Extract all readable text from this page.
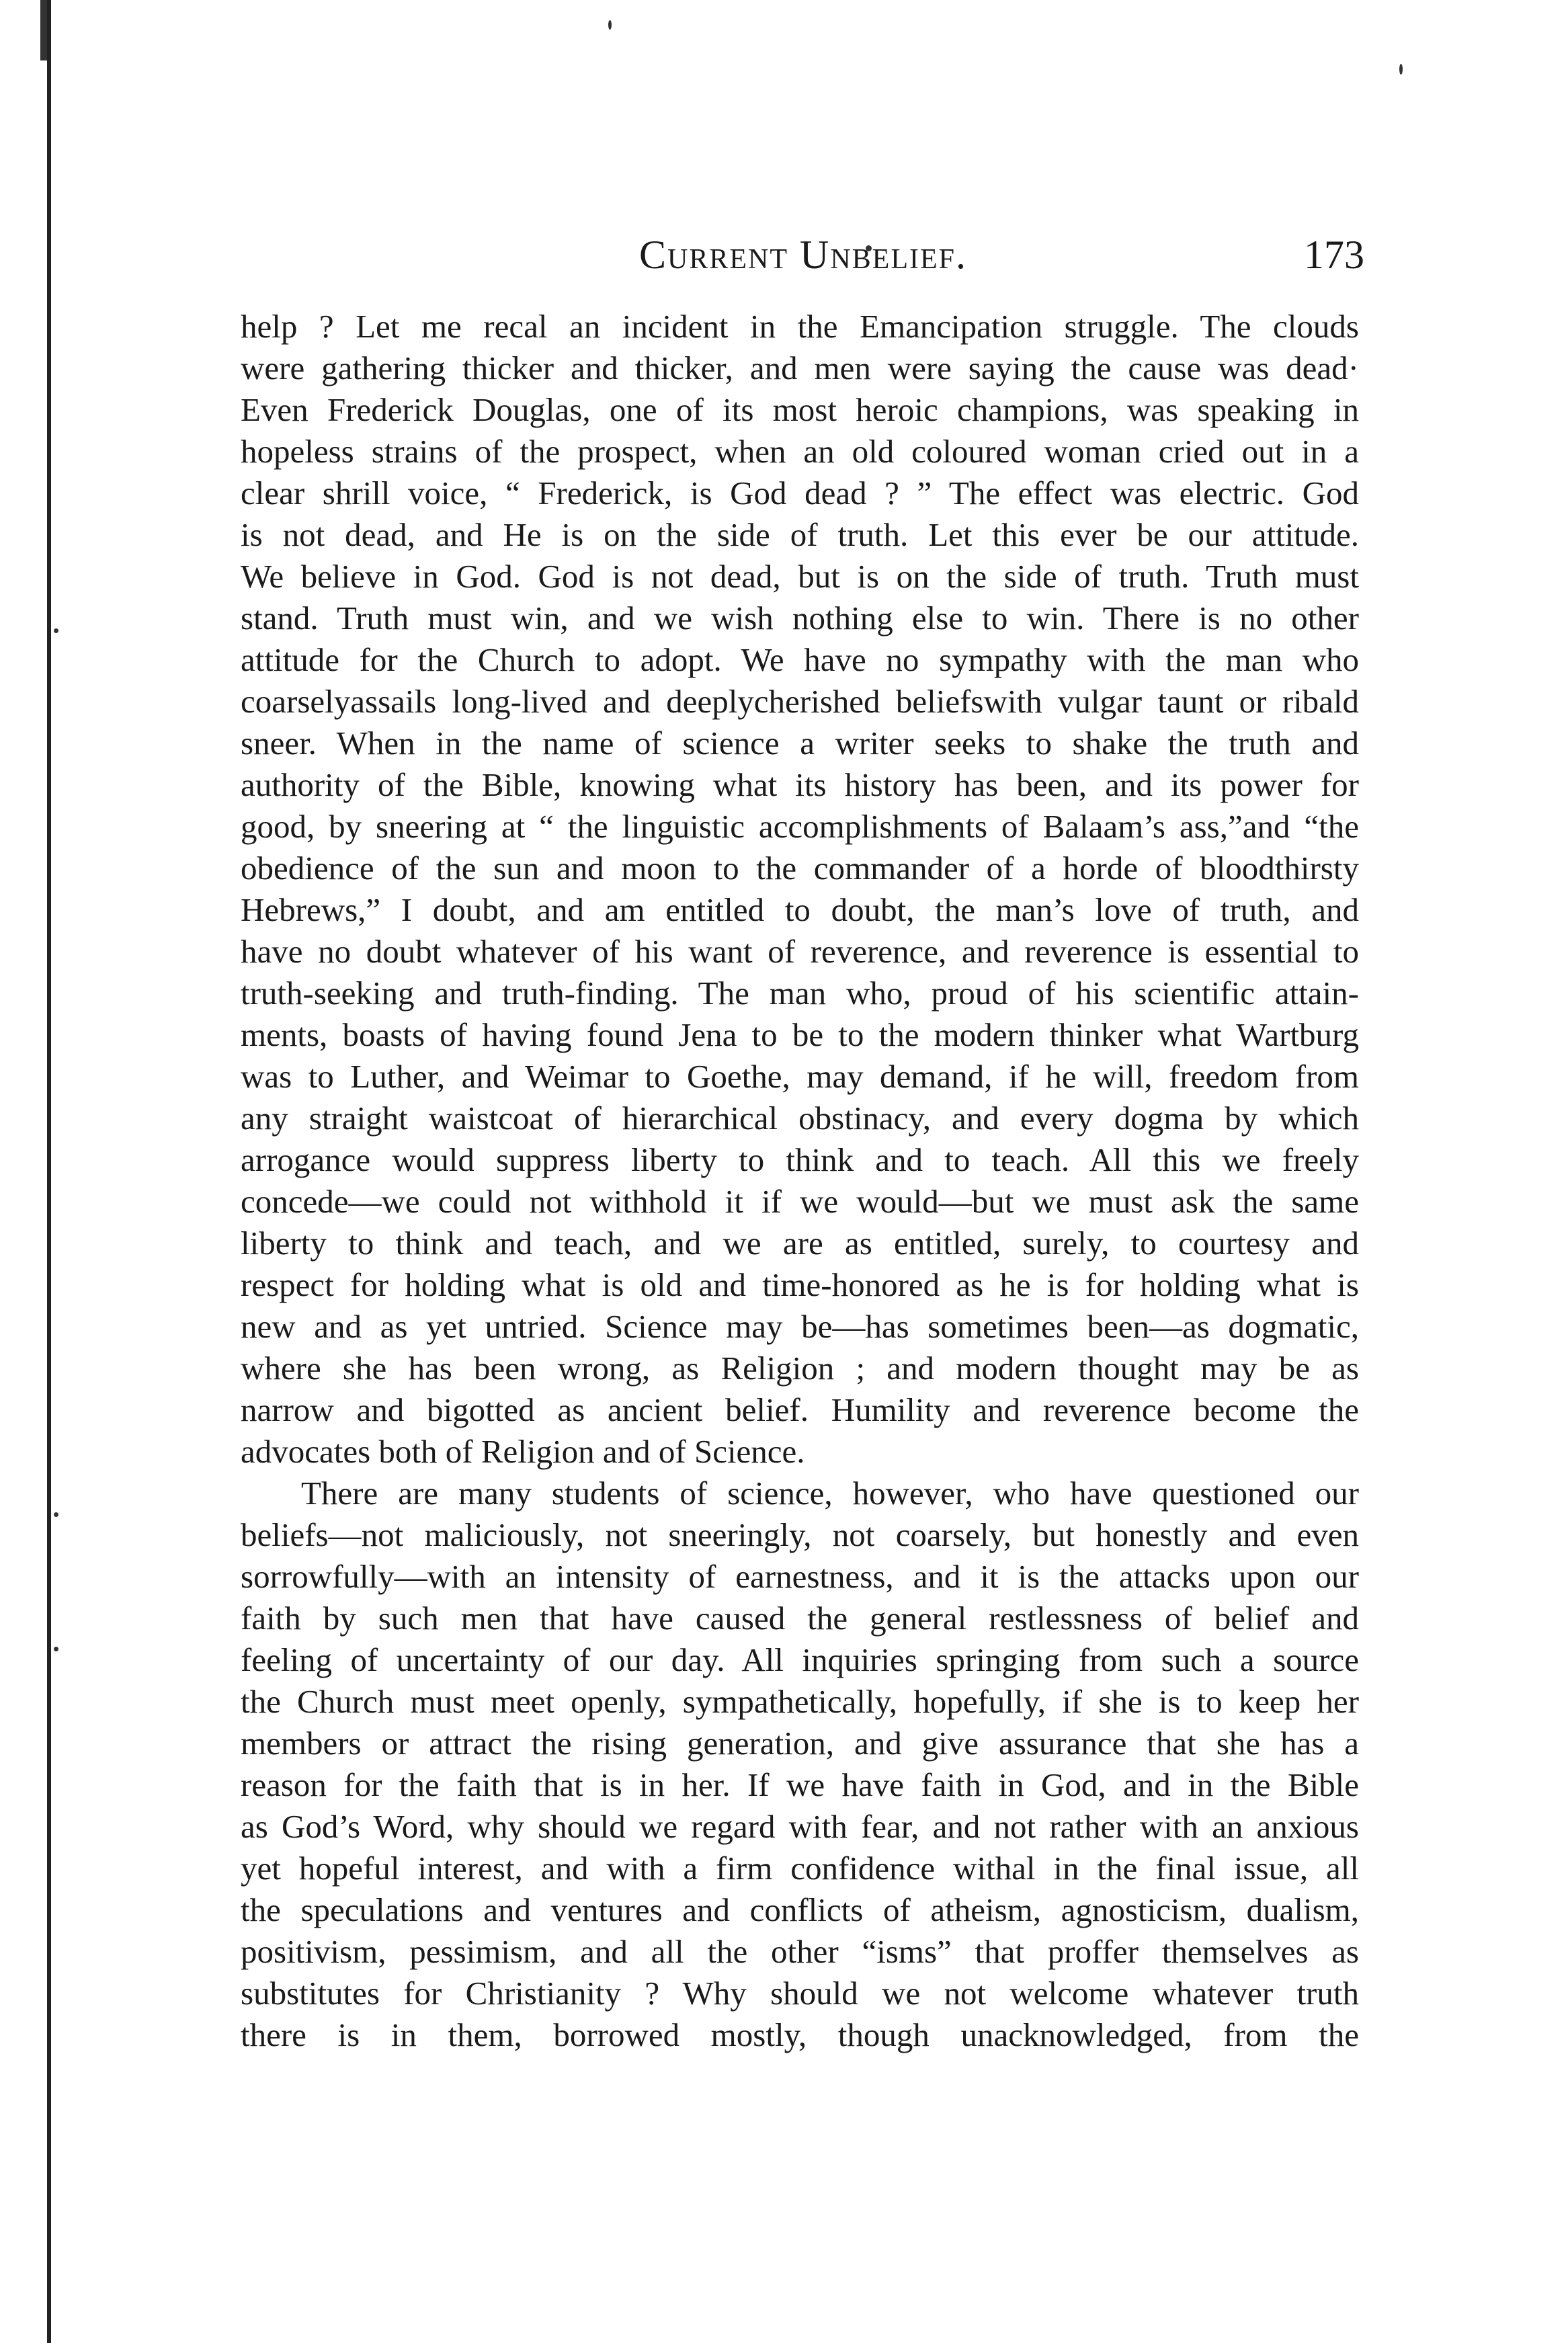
Current Unbelief.	173
help ? Let me recal an incident in the Emancipation struggle. The clouds
were gathering thicker and thicker, and men were saying the cause was dead·
Even Frederick Douglas, one of its most heroic champions, was speaking in
hopeless strains of the prospect, when an old coloured woman cried out in a
clear shrill voice, “ Frederick, is God dead ? ” The effect was electric. God
is not dead, and He is on the side of truth. Let this ever be our attitude.
We believe in God. God is not dead, but is on the side of truth. Truth must
stand. Truth must win, and we wish nothing else to win. There is no other
attitude for the Church to adopt. We have no sympathy with the man who
coarselyassails long-lived and deeplycherished beliefswith vulgar taunt or ribald
sneer. When in the name of science a writer seeks to shake the truth and
authority of the Bible, knowing what its history has been, and its power for
good, by sneering at “ the linguistic accomplishments of Balaam’s ass,”and “the
obedience of the sun and moon to the commander of a horde of bloodthirsty
Hebrews,” I doubt, and am entitled to doubt, the man’s love of truth, and
have no doubt whatever of his want of reverence, and reverence is essential to
truth-seeking and truth-finding. The man who, proud of his scientific attain-
ments, boasts of having found Jena to be to the modern thinker what Wartburg
was to Luther, and Weimar to Goethe, may demand, if he will, freedom from
any straight waistcoat of hierarchical obstinacy, and every dogma by which
arrogance would suppress liberty to think and to teach. All this we freely
concede—we could not withhold it if we would—but we must ask the same
liberty to think and teach, and we are as entitled, surely, to courtesy and
respect for holding what is old and time-honored as he is for holding what is
new and as yet untried. Science may be—has sometimes been—as dogmatic,
where she has been wrong, as Religion ; and modern thought may be as
narrow and bigotted as ancient belief. Humility and reverence become the
advocates both of Religion and of Science.
There are many students of science, however, who have questioned our
beliefs—not maliciously, not sneeringly, not coarsely, but honestly and even
sorrowfully—with an intensity of earnestness, and it is the attacks upon our
faith by such men that have caused the general restlessness of belief and
feeling of uncertainty of our day. All inquiries springing from such a source
the Church must meet openly, sympathetically, hopefully, if she is to keep her
members or attract the rising generation, and give assurance that she has a
reason for the faith that is in her. If we have faith in God, and in the Bible
as God’s Word, why should we regard with fear, and not rather with an anxious
yet hopeful interest, and with a firm confidence withal in the final issue, all
the speculations and ventures and conflicts of atheism, agnosticism, dualism,
positivism, pessimism, and all the other “isms” that proffer themselves as
substitutes for Christianity ? Why should we not welcome whatever truth
there is in them, borrowed mostly, though unacknowledged, from the
